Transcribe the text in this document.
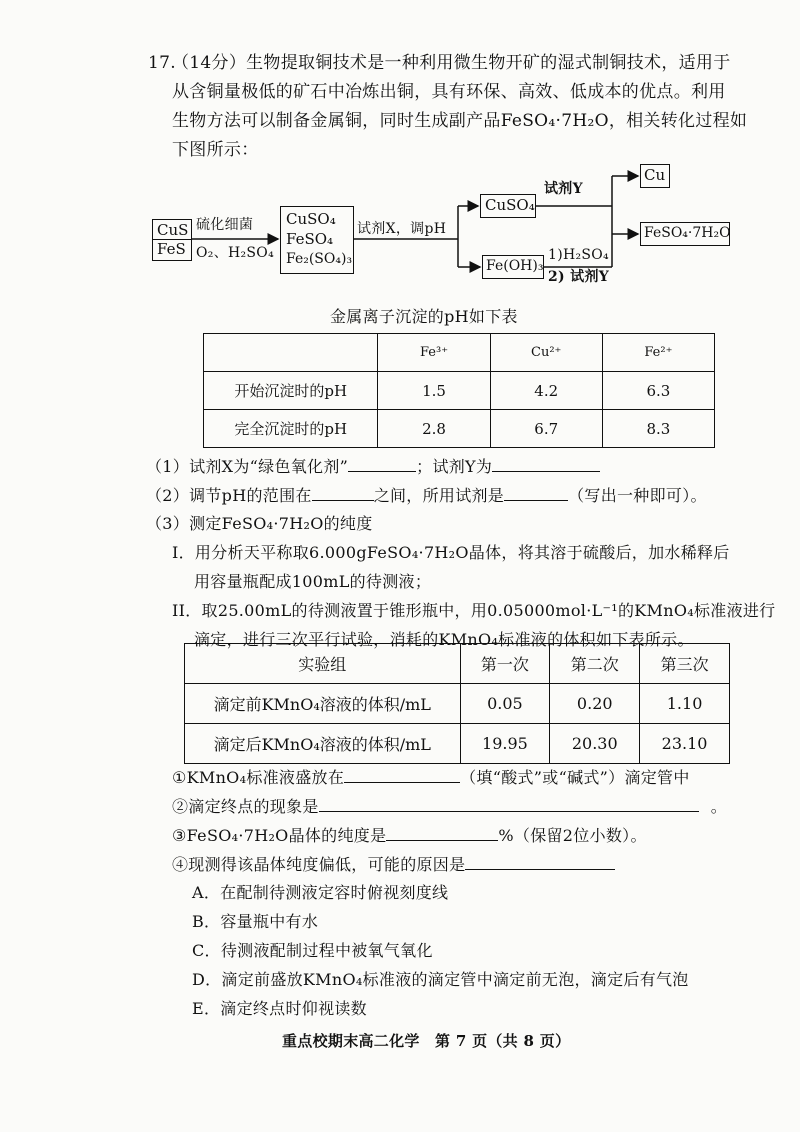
17.
（14分）生物提取铜技术是一种利用微生物开矿的湿式制铜技术，适用于
从含铜量极低的矿石中冶炼出铜，具有环保、高效、低成本的优点。利用
生物方法可以制备金属铜，同时生成副产品FeSO₄·7H₂O，相关转化过程如
下图所示：
CuS
FeS
硫化细菌
O₂、H₂SO₄
CuSO₄
FeSO₄
Fe₂(SO₄)₃
试剂X，调pH
CuSO₄
试剂Y
Cu
Fe(OH)₃
1)H₂SO₄
2) 试剂Y
FeSO₄·7H₂O
金属离子沉淀的pH如下表
	Fe³⁺	Cu²⁺	Fe²⁺
开始沉淀时的pH	1.5	4.2	6.3
完全沉淀时的pH	2.8	6.7	8.3
（1）试剂X为“绿色氧化剂”	；试剂Y为
（2）调节pH的范围在	之间，所用试剂是	（写出一种即可）。
（3）测定FeSO₄·7H₂O的纯度
I．用分析天平称取6.000gFeSO₄·7H₂O晶体，将其溶于硫酸后，加水稀释后
用容量瓶配成100mL的待测液；
II．取25.00mL的待测液置于锥形瓶中，用0.05000mol·L⁻¹的KMnO₄标准液进行
滴定，进行三次平行试验，消耗的KMnO₄标准液的体积如下表所示。
实验组	第一次	第二次	第三次
滴定前KMnO₄溶液的体积/mL	0.05	0.20	1.10
滴定后KMnO₄溶液的体积/mL	19.95	20.30	23.10
①KMnO₄标准液盛放在	（填“酸式”或“碱式”）滴定管中
②滴定终点的现象是	。
③FeSO₄·7H₂O晶体的纯度是	%（保留2位小数）。
④现测得该晶体纯度偏低，可能的原因是
A．在配制待测液定容时俯视刻度线
B．容量瓶中有水
C．待测液配制过程中被氧气氧化
D．滴定前盛放KMnO₄标准液的滴定管中滴定前无泡，滴定后有气泡
E．滴定终点时仰视读数
重点校期末高二化学　第 7 页（共 8 页）
